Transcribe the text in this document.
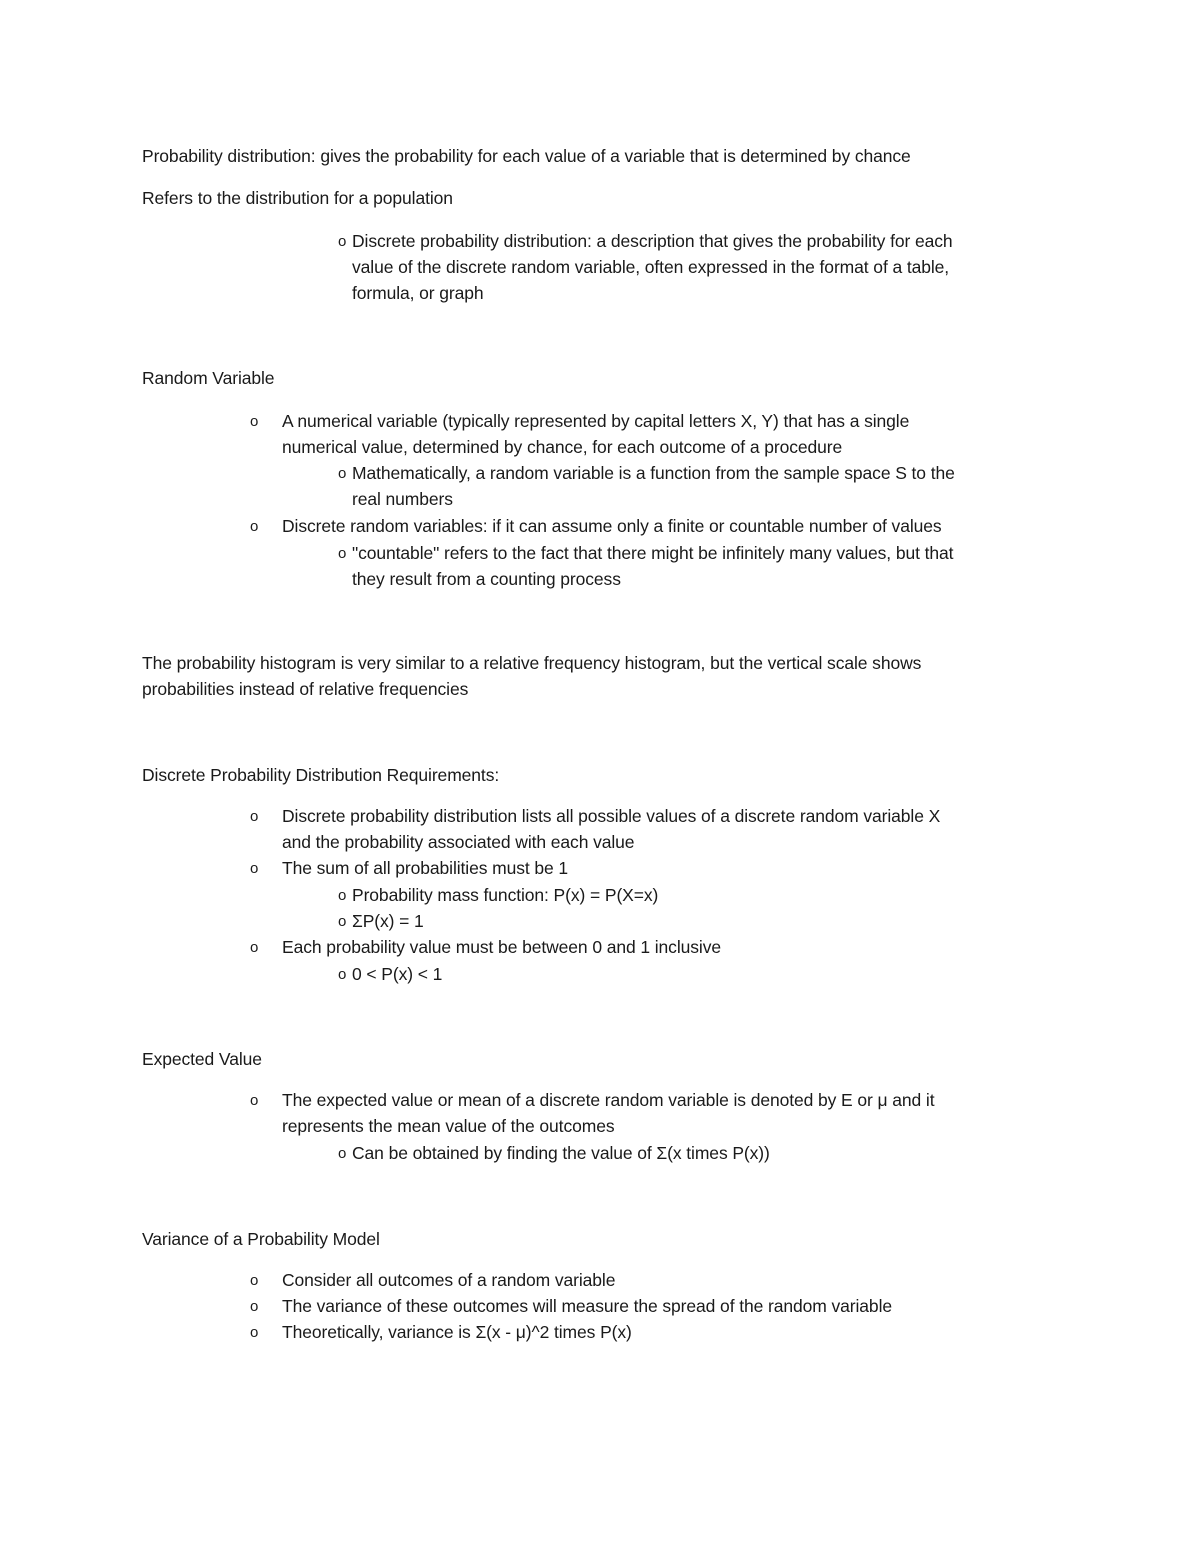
Probability distribution: gives the probability for each value of a variable that is determined by chance
Refers to the distribution for a population
o Discrete probability distribution: a description that gives the probability for each
value of the discrete random variable, often expressed in the format of a table,
formula, or graph
Random Variable
o A numerical variable (typically represented by capital letters X, Y) that has a single
numerical value, determined by chance, for each outcome of a procedure
o Mathematically, a random variable is a function from the sample space S to the
real numbers
o Discrete random variables: if it can assume only a finite or countable number of values
o "countable" refers to the fact that there might be infinitely many values, but that
they result from a counting process
The probability histogram is very similar to a relative frequency histogram, but the vertical scale shows
probabilities instead of relative frequencies
Discrete Probability Distribution Requirements:
o Discrete probability distribution lists all possible values of a discrete random variable X
and the probability associated with each value
o The sum of all probabilities must be 1
o Probability mass function: P(x) = P(X=x)
o ΣP(x) = 1
o Each probability value must be between 0 and 1 inclusive
o 0 < P(x) < 1
Expected Value
o The expected value or mean of a discrete random variable is denoted by E or μ and it
represents the mean value of the outcomes
o Can be obtained by finding the value of Σ(x times P(x))
Variance of a Probability Model
o Consider all outcomes of a random variable
o The variance of these outcomes will measure the spread of the random variable
o Theoretically, variance is Σ(x - μ)^2 times P(x)
